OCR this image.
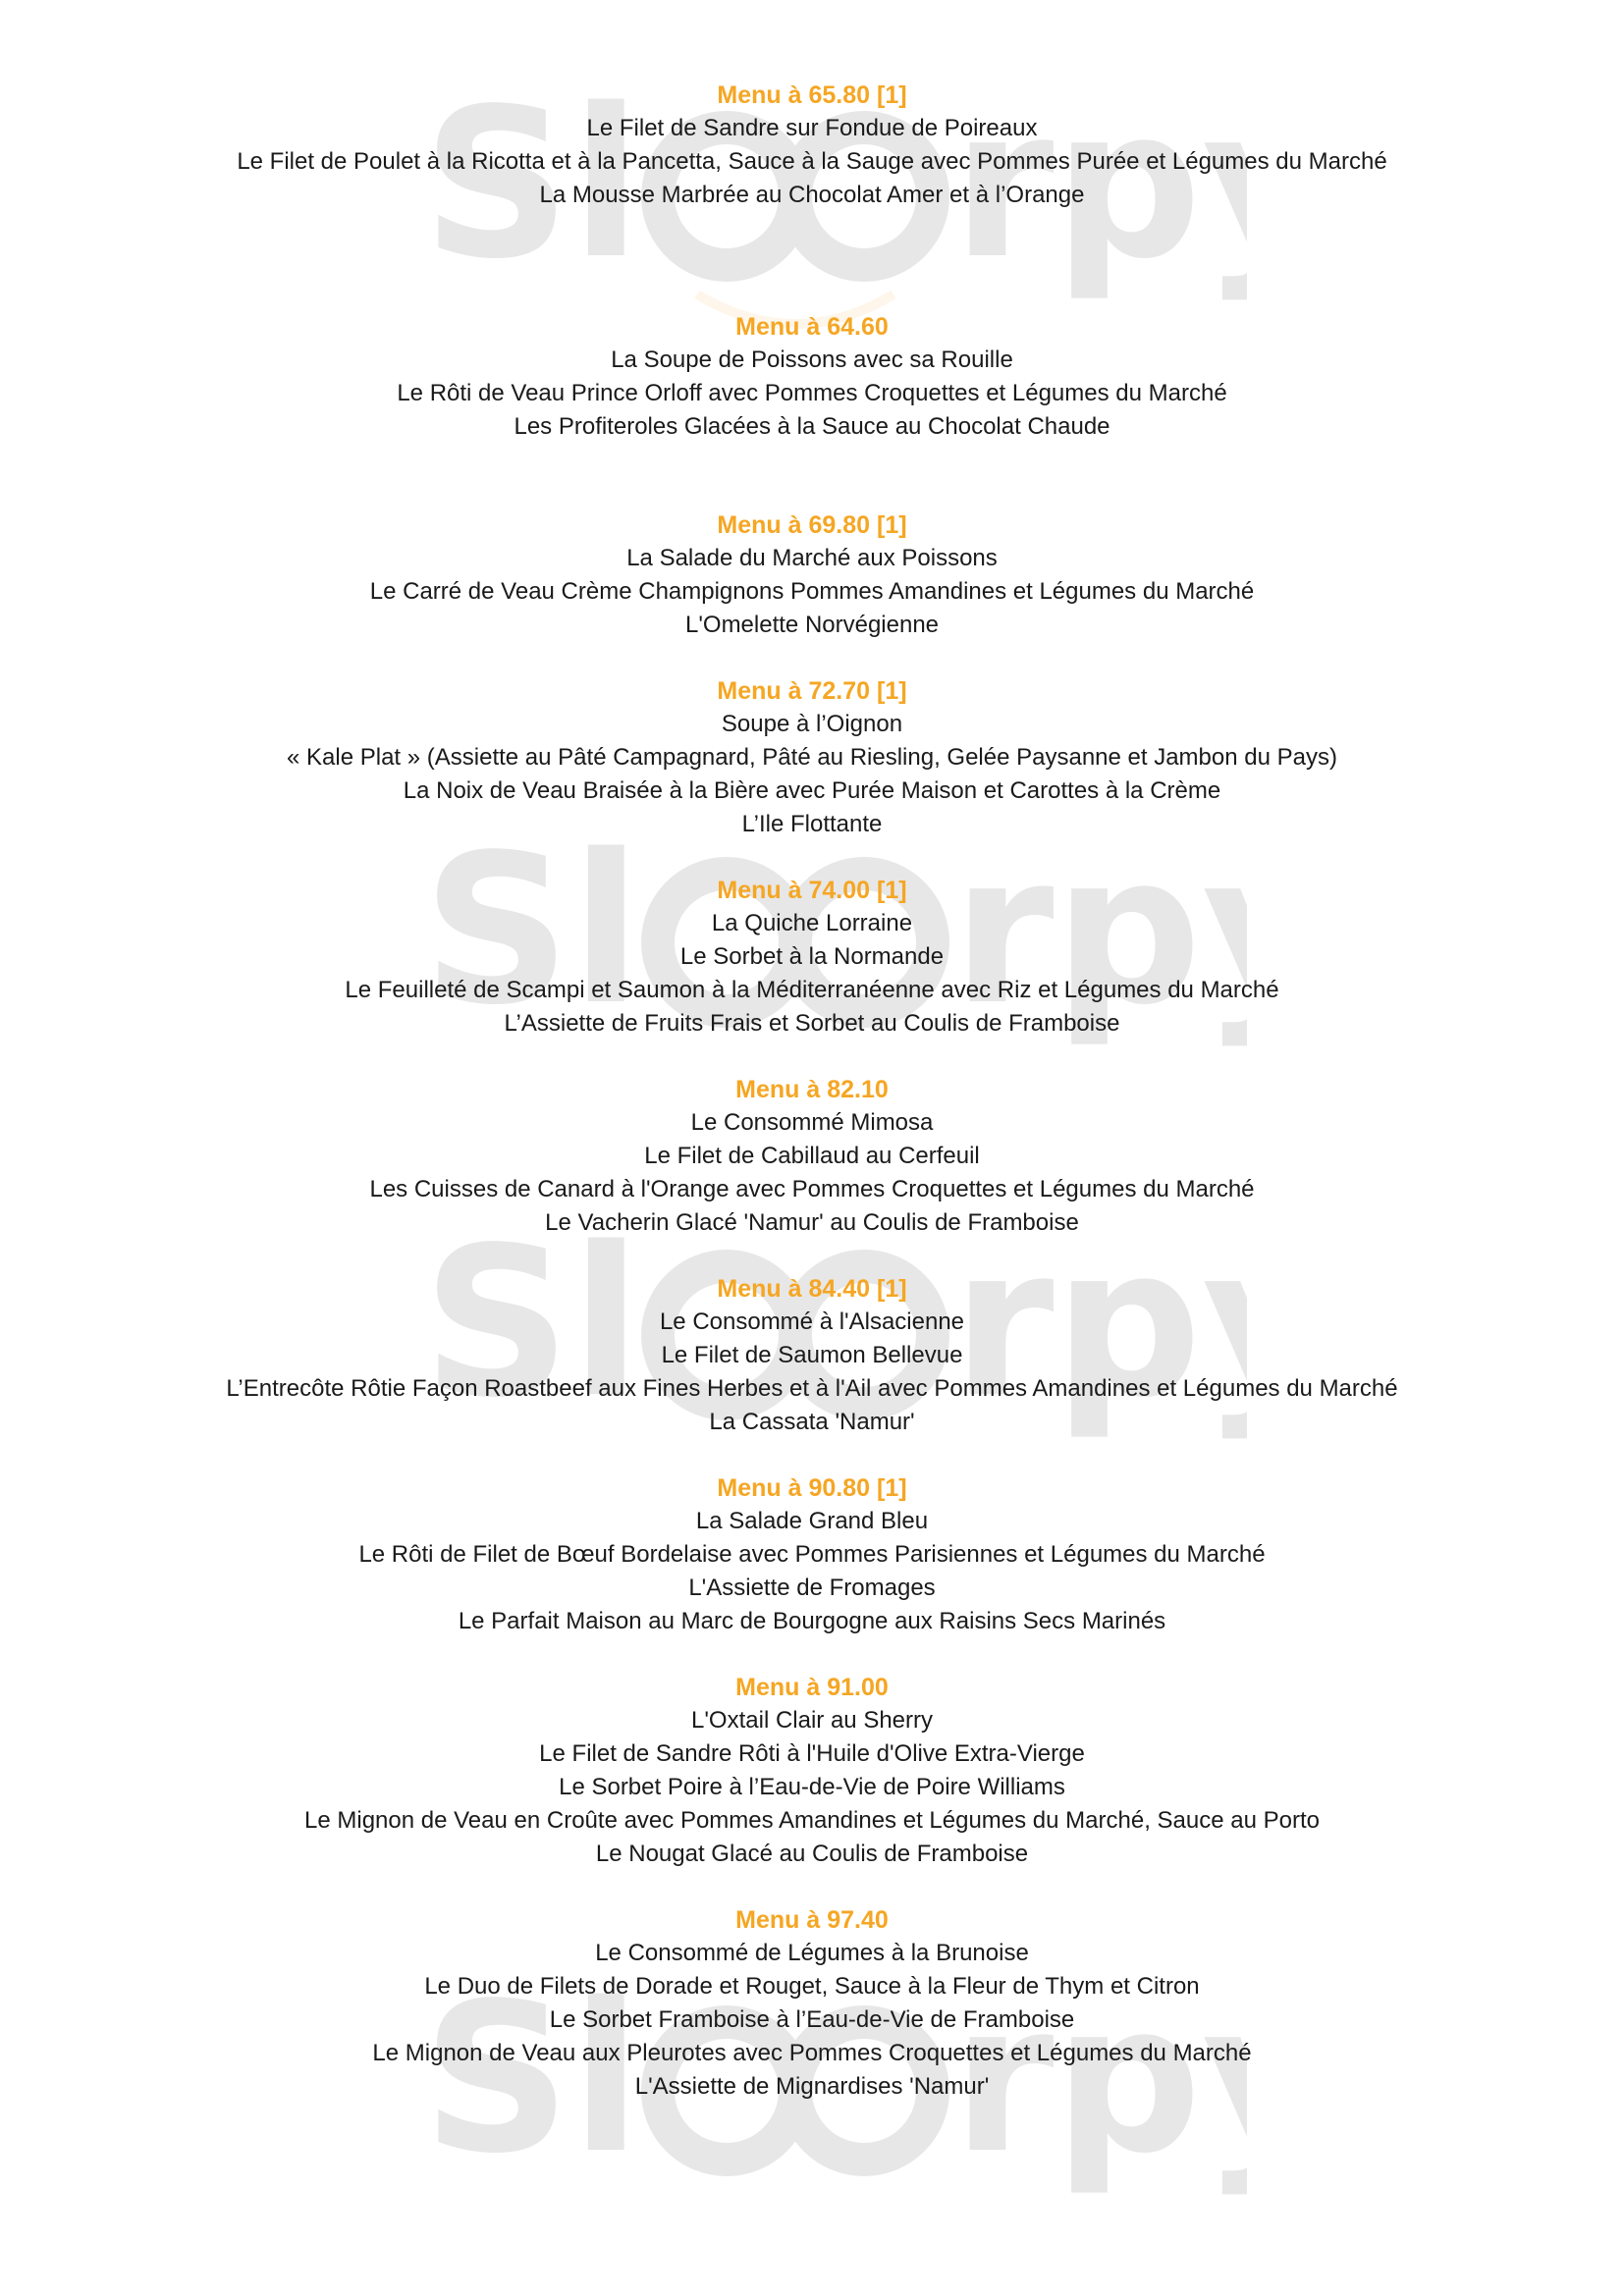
Sl rp
Sl rp
Sl rp
Sl rp
Menu à 65.80 [1]
Le Filet de Sandre sur Fondue de Poireaux
Le Filet de Poulet à la Ricotta et à la Pancetta, Sauce à la Sauge avec Pommes Purée et Légumes du Marché
La Mousse Marbrée au Chocolat Amer et à l’Orange
Menu à 64.60
La Soupe de Poissons avec sa Rouille
Le Rôti de Veau Prince Orloff avec Pommes Croquettes et Légumes du Marché
Les Profiteroles Glacées à la Sauce au Chocolat Chaude
Menu à 69.80 [1]
La Salade du Marché aux Poissons
Le Carré de Veau Crème Champignons Pommes Amandines et Légumes du Marché
L'Omelette Norvégienne
Menu à 72.70 [1]
Soupe à l’Oignon
« Kale Plat » (Assiette au Pâté Campagnard, Pâté au Riesling, Gelée Paysanne et Jambon du Pays)
La Noix de Veau Braisée à la Bière avec Purée Maison et Carottes à la Crème
L’Ile Flottante
Menu à 74.00 [1]
La Quiche Lorraine
Le Sorbet à la Normande
Le Feuilleté de Scampi et Saumon à la Méditerranéenne avec Riz et Légumes du Marché
L’Assiette de Fruits Frais et Sorbet au Coulis de Framboise
Menu à 82.10
Le Consommé Mimosa
Le Filet de Cabillaud au Cerfeuil
Les Cuisses de Canard à l'Orange avec Pommes Croquettes et Légumes du Marché
Le Vacherin Glacé 'Namur' au Coulis de Framboise
Menu à 84.40 [1]
Le Consommé à l'Alsacienne
Le Filet de Saumon Bellevue
L’Entrecôte Rôtie Façon Roastbeef aux Fines Herbes et à l'Ail avec Pommes Amandines et Légumes du Marché
La Cassata 'Namur'
Menu à 90.80 [1]
La Salade Grand Bleu
Le Rôti de Filet de Bœuf Bordelaise avec Pommes Parisiennes et Légumes du Marché
L'Assiette de Fromages
Le Parfait Maison au Marc de Bourgogne aux Raisins Secs Marinés
Menu à 91.00
L'Oxtail Clair au Sherry
Le Filet de Sandre Rôti à l'Huile d'Olive Extra-Vierge
Le Sorbet Poire à l’Eau-de-Vie de Poire Williams
Le Mignon de Veau en Croûte avec Pommes Amandines et Légumes du Marché, Sauce au Porto
Le Nougat Glacé au Coulis de Framboise
Menu à 97.40
Le Consommé de Légumes à la Brunoise
Le Duo de Filets de Dorade et Rouget, Sauce à la Fleur de Thym et Citron
Le Sorbet Framboise à l’Eau-de-Vie de Framboise
Le Mignon de Veau aux Pleurotes avec Pommes Croquettes et Légumes du Marché
L'Assiette de Mignardises 'Namur'
